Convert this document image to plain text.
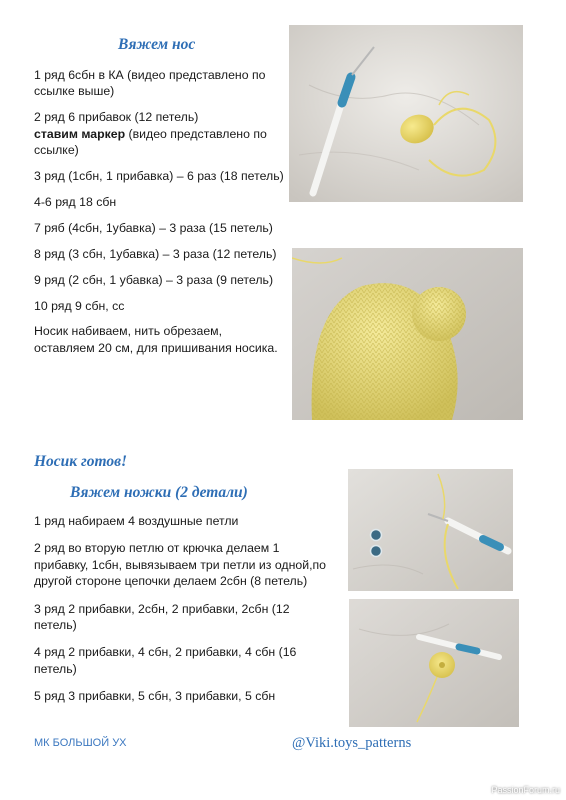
Вяжем нос

1 ряд 6сбн в КА (видео представлено по ссылке выше)

2 ряд 6 прибавок (12 петель)
ставим маркер (видео представлено по ссылке)

3 ряд (1сбн, 1 прибавка) – 6 раз (18 петель)

4-6 ряд 18 сбн

7 ряб (4сбн, 1убавка) – 3 раза (15 петель)

8 ряд (3 сбн, 1убавка) – 3 раза (12 петель)

9 ряд (2 сбн, 1 убавка) – 3 раза (9 петель)

10 ряд 9 сбн, сс

Носик набиваем, нить обрезаем, оставляем 20 см, для пришивания носика.

Носик готов!
Вяжем ножки (2 детали)

1 ряд набираем 4 воздушные петли

2 ряд во вторую петлю от крючка делаем 1 прибавку, 1сбн, вывязываем три петли из одной,по другой стороне цепочки делаем 2сбн (8 петель)

3 ряд 2 прибавки, 2сбн, 2 прибавки, 2сбн (12 петель)

4 ряд 2 прибавки, 4 сбн, 2 прибавки, 4 сбн (16 петель)

5 ряд 3 прибавки, 5 сбн, 3 прибавки, 5 сбн

МК БОЛЬШОЙ УХ	@Viki.toys_patterns
PassionForum.ru
